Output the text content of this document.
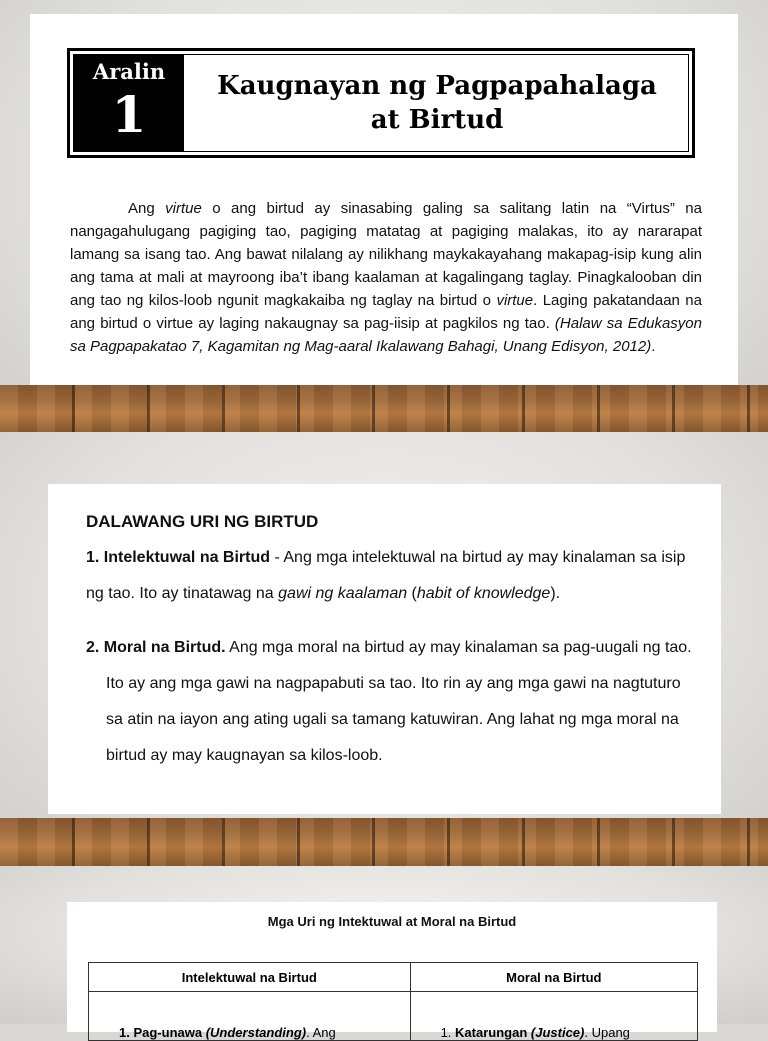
Aralin
1	Kaugnayan ng Pagpapahalaga
at Birtud
Ang virtue o ang birtud ay sinasabing galing sa salitang latin na “Virtus” na nangagahulugang pagiging tao, pagiging matatag at pagiging malakas, ito ay nararapat lamang sa isang tao. Ang bawat nilalang ay nilikhang maykakayahang makapag-isip kung alin ang tama at mali at mayroong iba’t ibang kaalaman at kagalingang taglay. Pinagkalooban din ang tao ng kilos-loob ngunit magkakaiba ng taglay na birtud o virtue. Laging pakatandaan na ang birtud o virtue ay laging nakaugnay sa pag-iisip at pagkilos ng tao. (Halaw sa Edukasyon sa Pagpapakatao 7, Kagamitan ng Mag-aaral Ikalawang Bahagi, Unang Edisyon, 2012).
DALAWANG URI NG BIRTUD
1. Intelektuwal na Birtud - Ang mga intelektuwal na birtud ay may kinalaman sa isip ng tao. Ito ay tinatawag na gawi ng kaalaman (habit of knowledge).
2. Moral na Birtud. Ang mga moral na birtud ay may kinalaman sa pag-uugali ng tao.
Ito ay ang mga gawi na nagpapabuti sa tao. Ito rin ay ang mga gawi na nagtuturo sa atin na iayon ang ating ugali sa tamang katuwiran. Ang lahat ng mga moral na birtud ay may kaugnayan sa kilos-loob.
Mga Uri ng Intektuwal at Moral na Birtud
Intelektuwal na Birtud	Moral na Birtud
1. Pag-unawa (Understanding). Ang	1. Katarungan (Justice). Upang
